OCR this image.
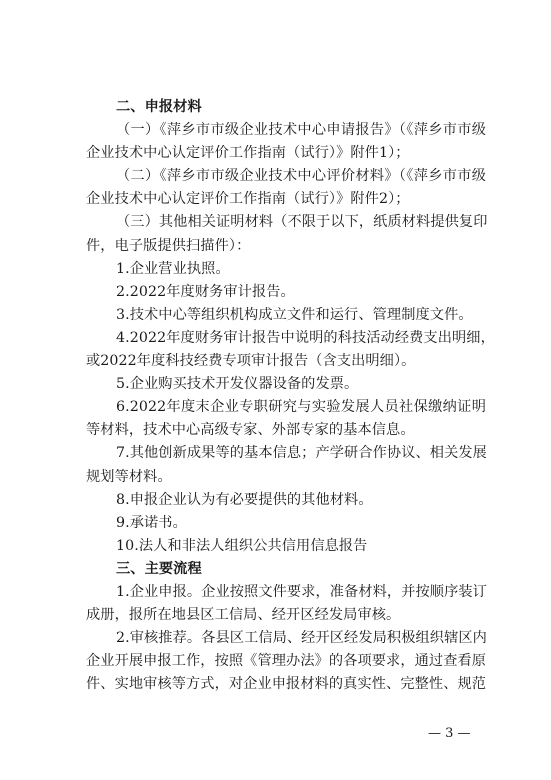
二、申报材料
（一）《萍乡市市级企业技术中心申请报告》（《萍乡市市级
企业技术中心认定评价工作指南（试行）》附件1）；
（二）《萍乡市市级企业技术中心评价材料》（《萍乡市市级
企业技术中心认定评价工作指南（试行）》附件2）；
（三）其他相关证明材料（不限于以下，纸质材料提供复印
件，电子版提供扫描件）：
1.企业营业执照。
2.2022年度财务审计报告。
3.技术中心等组织机构成立文件和运行、管理制度文件。
4.2022年度财务审计报告中说明的科技活动经费支出明细，
或2022年度科技经费专项审计报告（含支出明细）。
5.企业购买技术开发仪器设备的发票。
6.2022年度末企业专职研究与实验发展人员社保缴纳证明
等材料，技术中心高级专家、外部专家的基本信息。
7.其他创新成果等的基本信息；产学研合作协议、相关发展
规划等材料。
8.申报企业认为有必要提供的其他材料。
9.承诺书。
10.法人和非法人组织公共信用信息报告
三、主要流程
1.企业申报。企业按照文件要求，准备材料，并按顺序装订
成册，报所在地县区工信局、经开区经发局审核。
2.审核推荐。各县区工信局、经开区经发局积极组织辖区内
企业开展申报工作，按照《管理办法》的各项要求，通过查看原
件、实地审核等方式，对企业申报材料的真实性、完整性、规范
— 3 —
